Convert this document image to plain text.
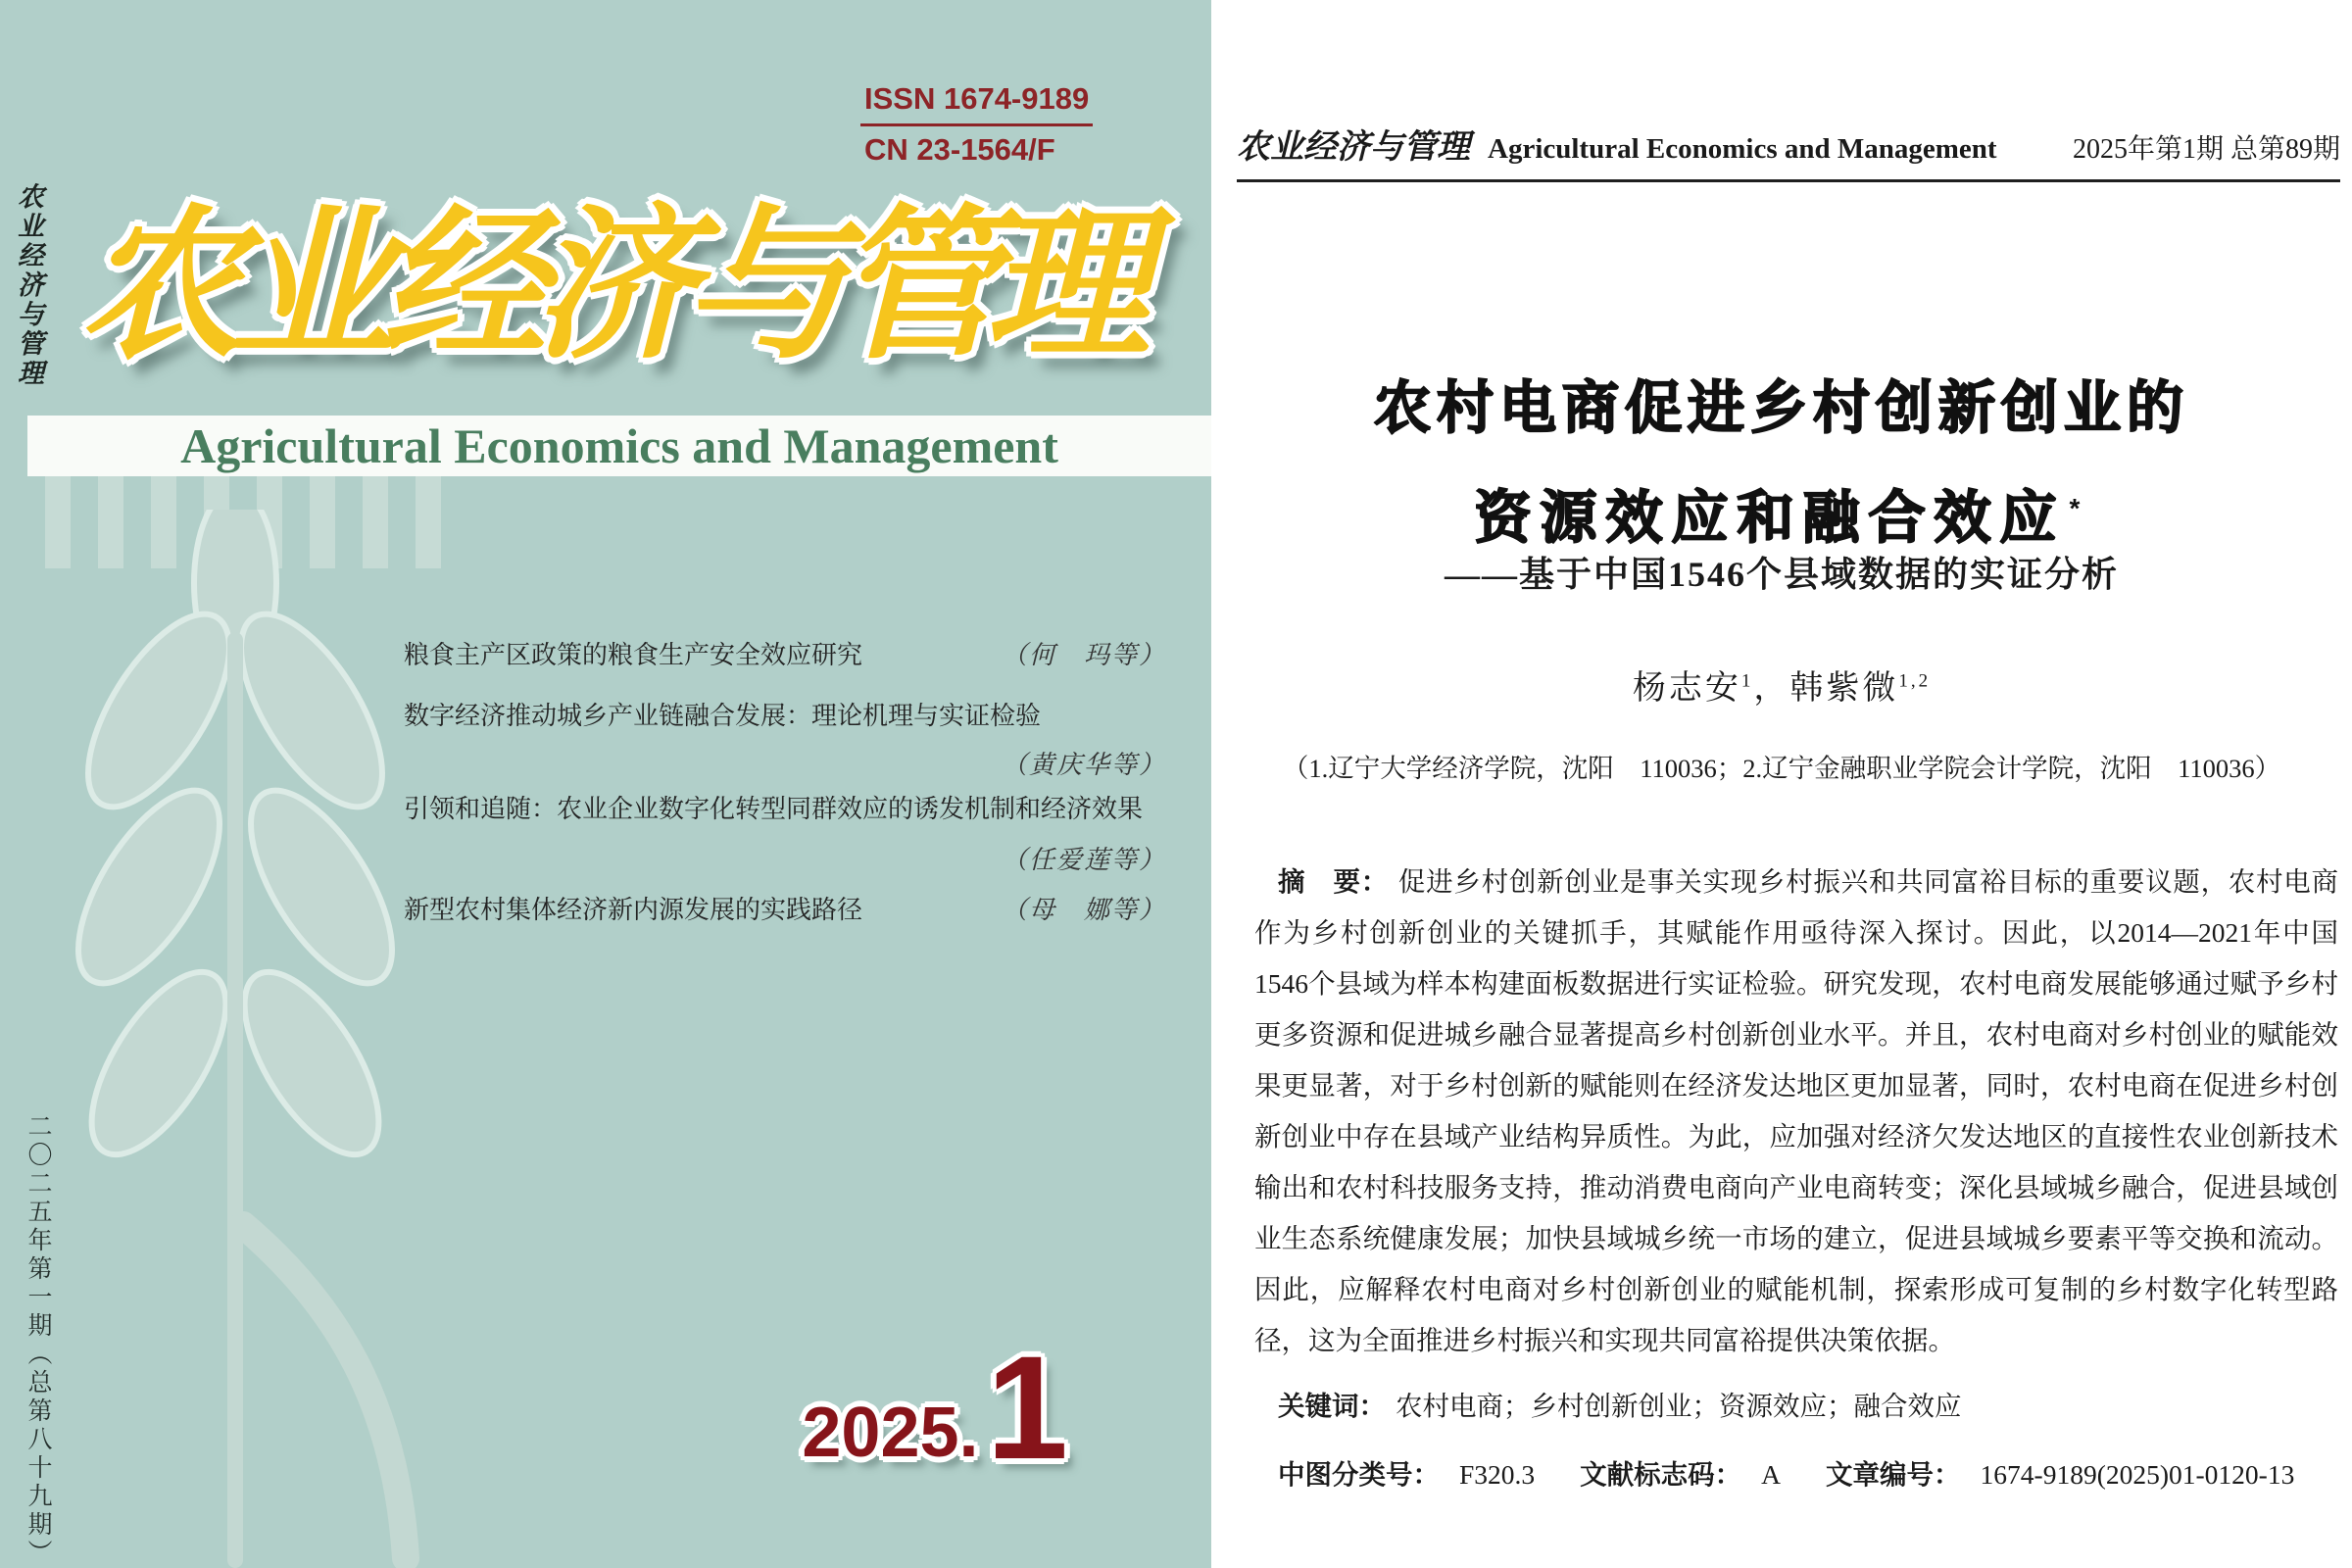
农业经济与管理
ISSN 1674-9189
CN 23-1564/F
农业经济与管理
Agricultural Economics and Management
粮食主产区政策的粮食生产安全效应研究	（何　玛等）
数字经济推动城乡产业链融合发展：理论机理与实证检验
（黄庆华等）
引领和追随：农业企业数字化转型同群效应的诱发机制和经济效果
（任爱莲等）
新型农村集体经济新内源发展的实践路径	（母　娜等）
2025. 1
二〇二五年第一期（总第八十九期）
农业经济与管理 Agricultural Economics and Management	2025年第1期 总第89期
农村电商促进乡村创新创业的
资源效应和融合效应 *
——基于中国1546个县域数据的实证分析
杨志安$^1$，韩紫微$^{1,2}$
（1.辽宁大学经济学院，沈阳　110036；2.辽宁金融职业学院会计学院，沈阳　110036）
摘　要： 促进乡村创新创业是事关实现乡村振兴和共同富裕目标的重要议题，农村电商
作为乡村创新创业的关键抓手，其赋能作用亟待深入探讨。因此，以2014—2021年中国
1546个县域为样本构建面板数据进行实证检验。研究发现，农村电商发展能够通过赋予乡村
更多资源和促进城乡融合显著提高乡村创新创业水平。并且，农村电商对乡村创业的赋能效
果更显著，对于乡村创新的赋能则在经济发达地区更加显著，同时，农村电商在促进乡村创
新创业中存在县域产业结构异质性。为此，应加强对经济欠发达地区的直接性农业创新技术
输出和农村科技服务支持，推动消费电商向产业电商转变；深化县域城乡融合，促进县域创
业生态系统健康发展；加快县域城乡统一市场的建立，促进县域城乡要素平等交换和流动。
因此，应解释农村电商对乡村创新创业的赋能机制，探索形成可复制的乡村数字化转型路
径，这为全面推进乡村振兴和实现共同富裕提供决策依据。
关键词： 农村电商；乡村创新创业；资源效应；融合效应
中图分类号： F320.3 文献标志码： A 文章编号： 1674-9189(2025)01-0120-13
